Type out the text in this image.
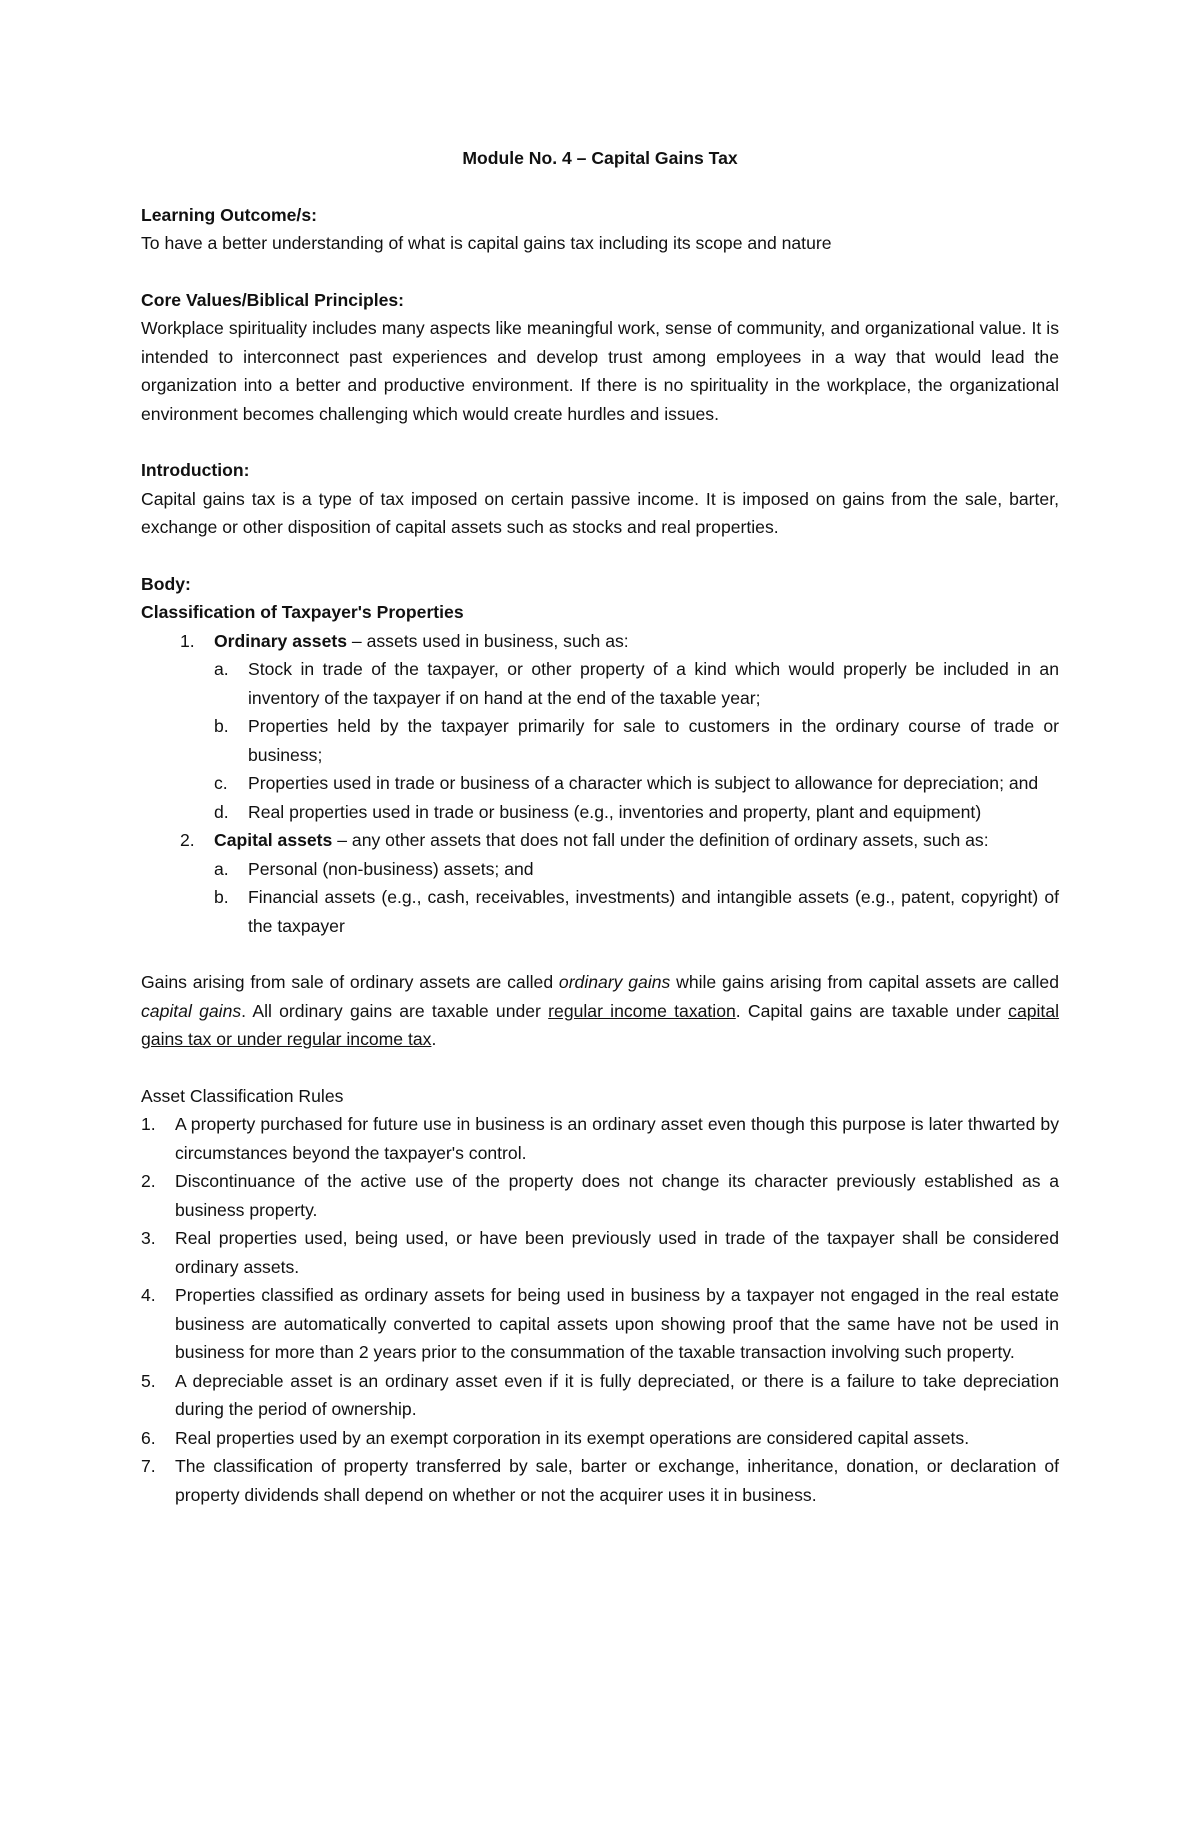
Module No. 4 – Capital Gains Tax

Learning Outcome/s:

To have a better understanding of what is capital gains tax including its scope and nature

Core Values/Biblical Principles:

Workplace spirituality includes many aspects like meaningful work, sense of community, and organizational value. It is intended to interconnect past experiences and develop trust among employees in a way that would lead the organization into a better and productive environment. If there is no spirituality in the workplace, the organizational environment becomes challenging which would create hurdles and issues.

Introduction:

Capital gains tax is a type of tax imposed on certain passive income. It is imposed on gains from the sale, barter, exchange or other disposition of capital assets such as stocks and real properties.

Body:

Classification of Taxpayer's Properties

1. Ordinary assets – assets used in business, such as:

a. Stock in trade of the taxpayer, or other property of a kind which would properly be included in an inventory of the taxpayer if on hand at the end of the taxable year;

b. Properties held by the taxpayer primarily for sale to customers in the ordinary course of trade or business;

c. Properties used in trade or business of a character which is subject to allowance for depreciation; and

d. Real properties used in trade or business (e.g., inventories and property, plant and equipment)

2. Capital assets – any other assets that does not fall under the definition of ordinary assets, such as:

a. Personal (non-business) assets; and

b. Financial assets (e.g., cash, receivables, investments) and intangible assets (e.g., patent, copyright) of the taxpayer

Gains arising from sale of ordinary assets are called ordinary gains while gains arising from capital assets are called capital gains. All ordinary gains are taxable under regular income taxation. Capital gains are taxable under capital gains tax or under regular income tax.

Asset Classification Rules

1. A property purchased for future use in business is an ordinary asset even though this purpose is later thwarted by circumstances beyond the taxpayer's control.

2. Discontinuance of the active use of the property does not change its character previously established as a business property.

3. Real properties used, being used, or have been previously used in trade of the taxpayer shall be considered ordinary assets.

4. Properties classified as ordinary assets for being used in business by a taxpayer not engaged in the real estate business are automatically converted to capital assets upon showing proof that the same have not be used in business for more than 2 years prior to the consummation of the taxable transaction involving such property.

5. A depreciable asset is an ordinary asset even if it is fully depreciated, or there is a failure to take depreciation during the period of ownership.

6. Real properties used by an exempt corporation in its exempt operations are considered capital assets.

7. The classification of property transferred by sale, barter or exchange, inheritance, donation, or declaration of property dividends shall depend on whether or not the acquirer uses it in business.
